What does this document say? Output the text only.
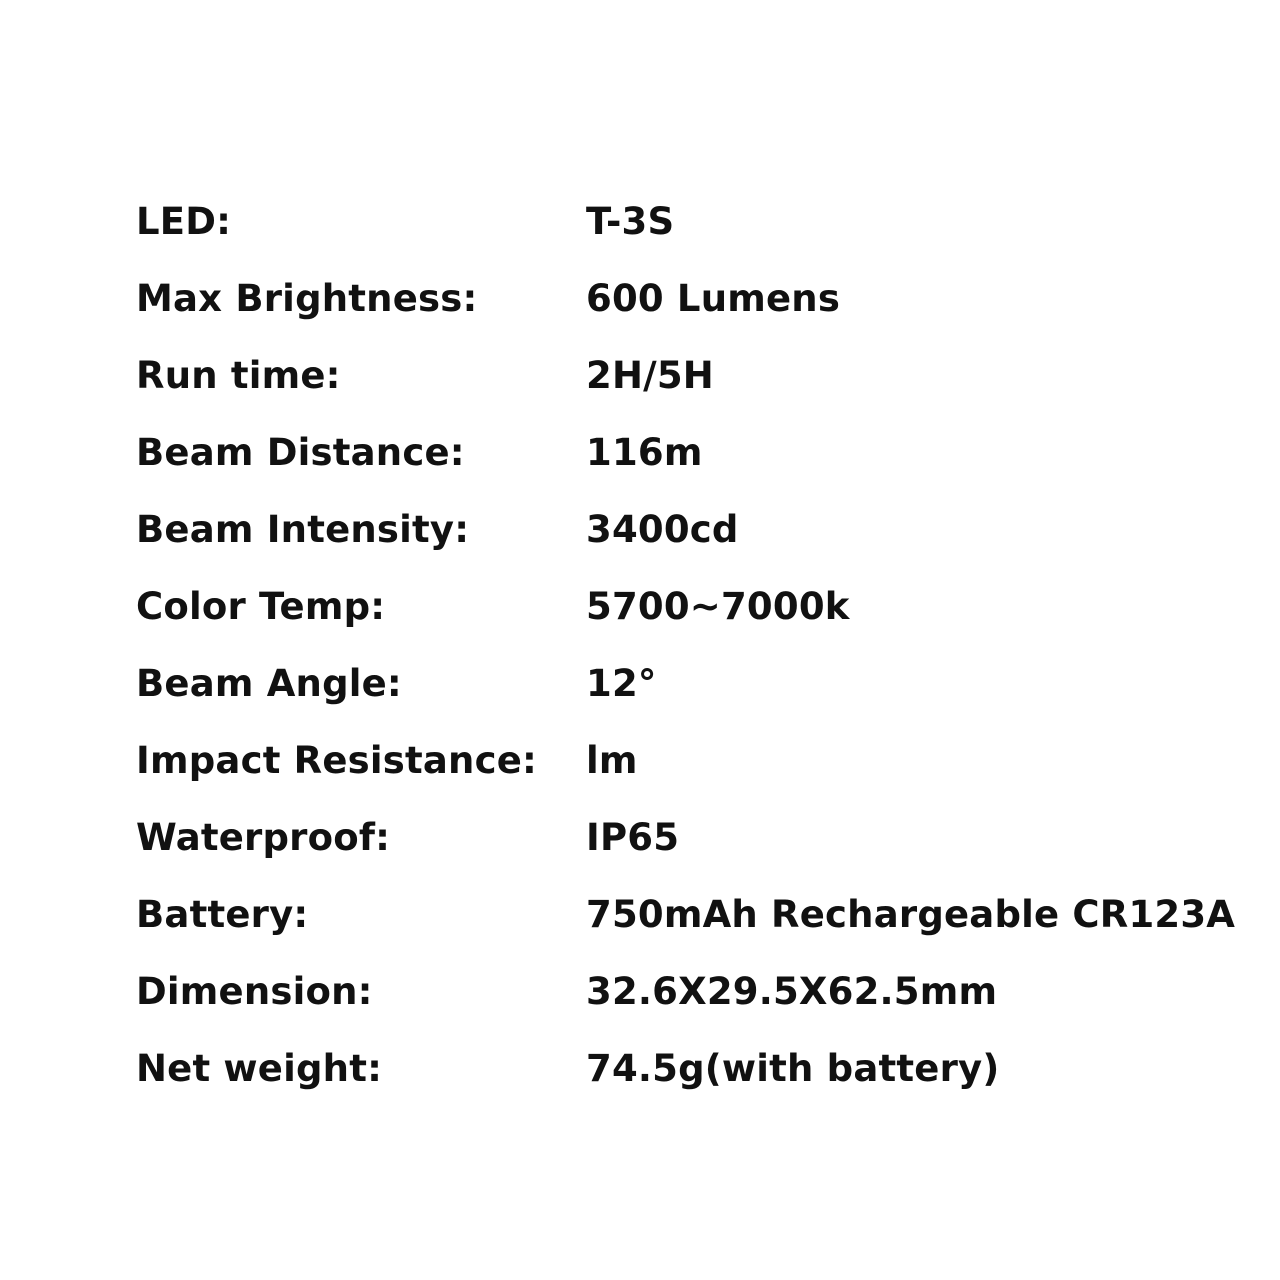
LED:	T-3S
Max Brightness:	600 Lumens
Run time:	2H/5H
Beam Distance:	116m
Beam Intensity:	3400cd
Color Temp:	5700~7000k
Beam Angle:	12°
Impact Resistance:	lm
Waterproof:	IP65
Battery:	750mAh Rechargeable CR123A
Dimension:	32.6X29.5X62.5mm
Net weight:	74.5g(with battery)
